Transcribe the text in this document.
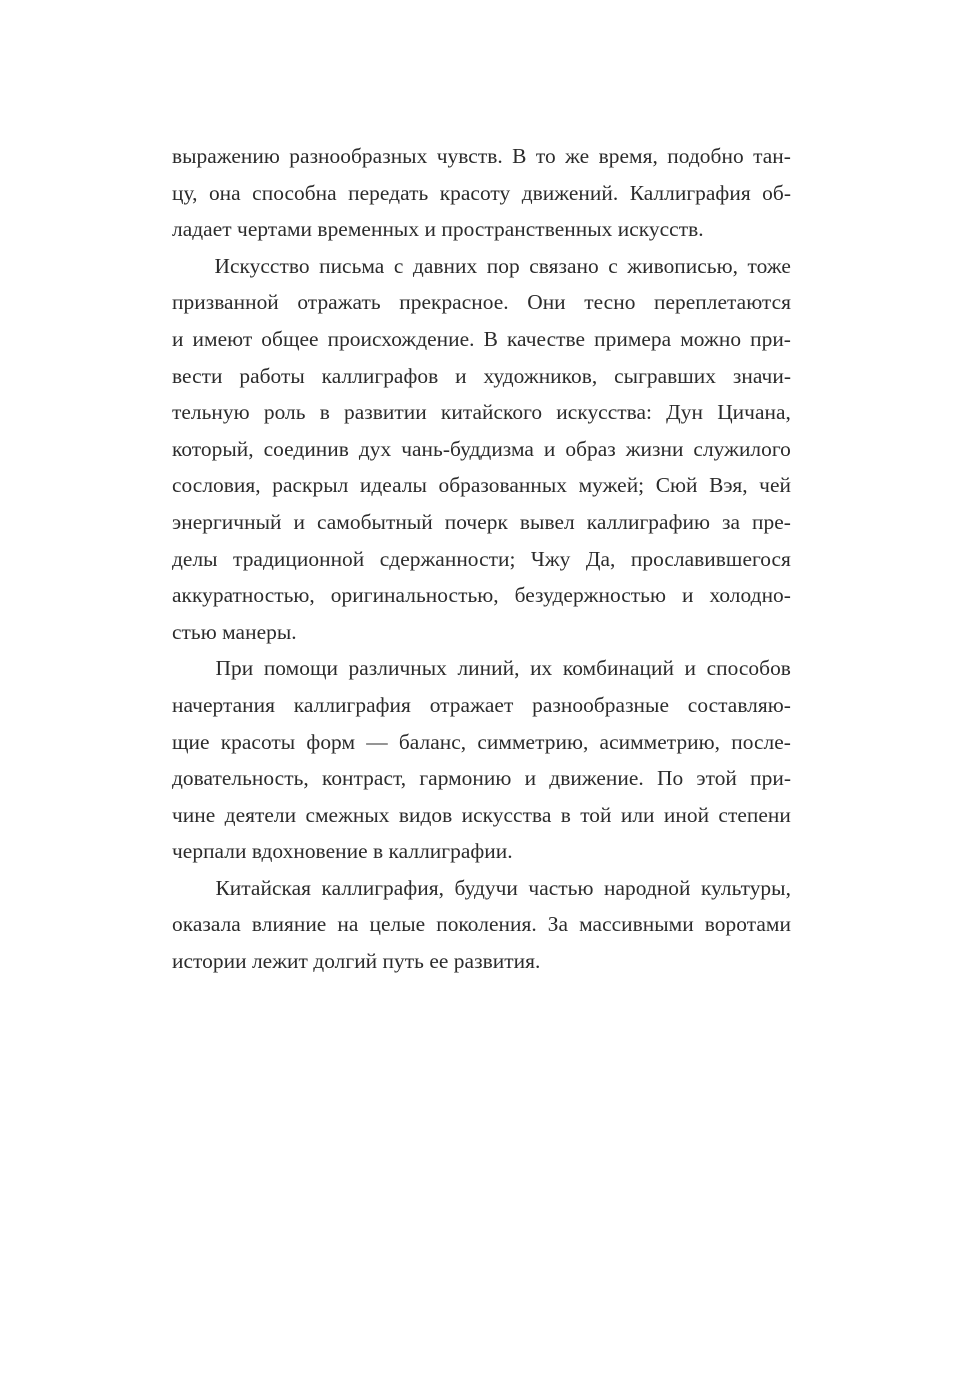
выражению разнообразных чувств. В то же время, подобно тан-
цу, она способна передать красоту движений. Каллиграфия об-
ладает чертами временных и пространственных искусств.

Искусство письма с давних пор связано с живописью, тоже
призванной отражать прекрасное. Они тесно переплетаются
и имеют общее происхождение. В качестве примера можно при-
вести работы каллиграфов и художников, сыгравших значи-
тельную роль в развитии китайского искусства: Дун Цичана,
который, соединив дух чань-буддизма и образ жизни служилого
сословия, раскрыл идеалы образованных мужей; Сюй Вэя, чей
энергичный и самобытный почерк вывел каллиграфию за пре-
делы традиционной сдержанности; Чжу Да, прославившегося
аккуратностью, оригинальностью, безудержностью и холодно-
стью манеры.

При помощи различных линий, их комбинаций и способов
начертания каллиграфия отражает разнообразные составляю-
щие красоты форм — баланс, симметрию, асимметрию, после-
довательность, контраст, гармонию и движение. По этой при-
чине деятели смежных видов искусства в той или иной степени
черпали вдохновение в каллиграфии.

Китайская каллиграфия, будучи частью народной культуры,
оказала влияние на целые поколения. За массивными воротами
истории лежит долгий путь ее развития.
